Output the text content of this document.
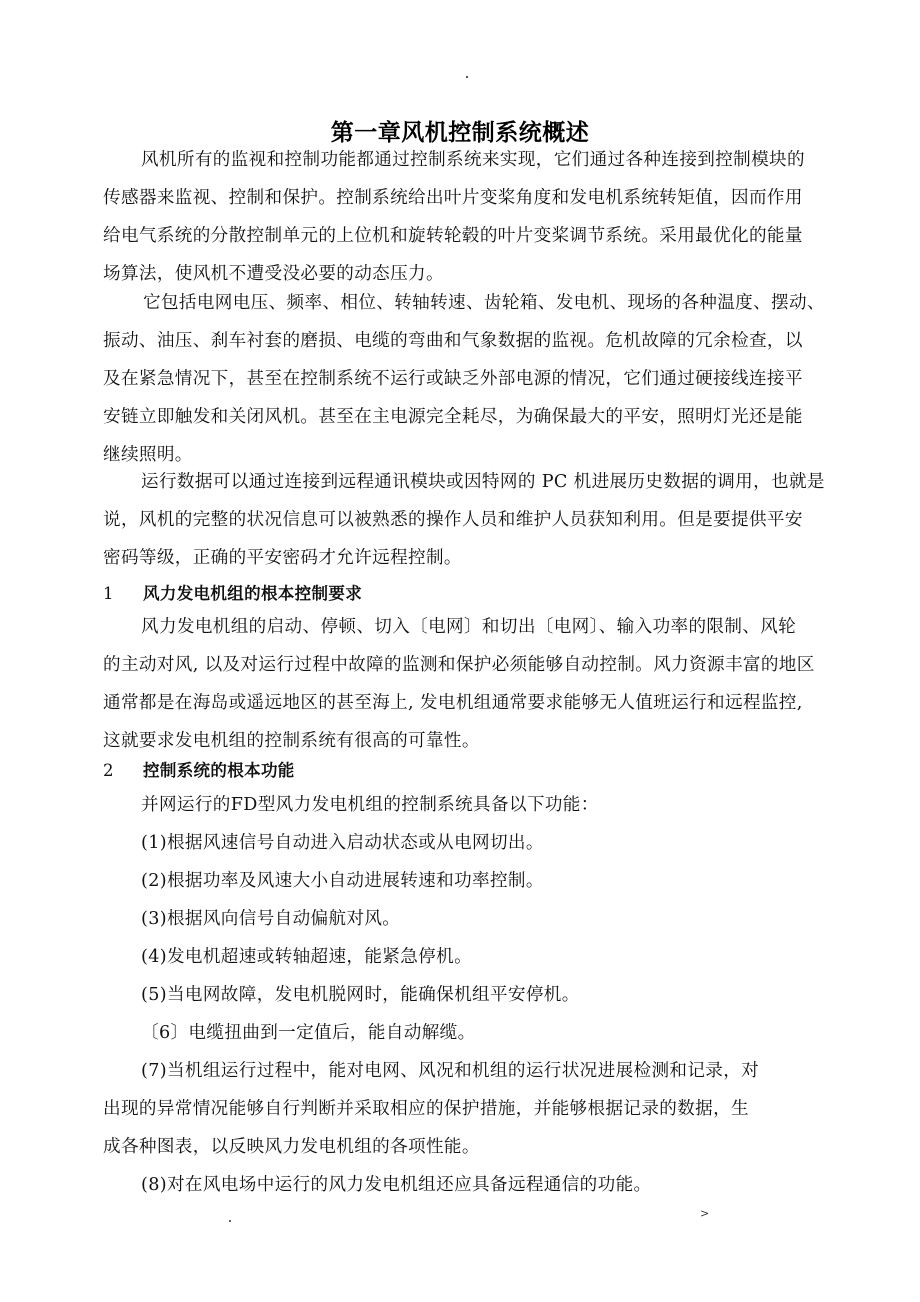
第一章风机控制系统概述
风机所有的监视和控制功能都通过控制系统来实现，它们通过各种连接到控制模块的
传感器来监视、控制和保护。控制系统给出叶片变桨角度和发电机系统转矩值，因而作用
给电气系统的分散控制单元的上位机和旋转轮毂的叶片变桨调节系统。采用最优化的能量
场算法，使风机不遭受没必要的动态压力。
它包括电网电压、频率、相位、转轴转速、齿轮箱、发电机、现场的各种温度、摆动、
振动、油压、刹车衬套的磨损、电缆的弯曲和气象数据的监视。危机故障的冗余检查，以
及在紧急情况下，甚至在控制系统不运行或缺乏外部电源的情况，它们通过硬接线连接平
安链立即触发和关闭风机。甚至在主电源完全耗尽，为确保最大的平安，照明灯光还是能
继续照明。
运行数据可以通过连接到远程通讯模块或因特网的 PC 机进展历史数据的调用，也就是
说，风机的完整的状况信息可以被熟悉的操作人员和维护人员获知利用。但是要提供平安
密码等级，正确的平安密码才允许远程控制。
1 风力发电机组的根本控制要求
风力发电机组的启动、停顿、切入〔电网〕和切出〔电网〕、输入功率的限制、风轮
的主动对风, 以及对运行过程中故障的监测和保护必须能够自动控制。风力资源丰富的地区
通常都是在海岛或遥远地区的甚至海上, 发电机组通常要求能够无人值班运行和远程监控,
这就要求发电机组的控制系统有很高的可靠性。
2 控制系统的根本功能
并网运行的FD型风力发电机组的控制系统具备以下功能：
(1)根据风速信号自动进入启动状态或从电网切出。
(2)根据功率及风速大小自动进展转速和功率控制。
(3)根据风向信号自动偏航对风。
(4)发电机超速或转轴超速，能紧急停机。
(5)当电网故障，发电机脱网时，能确保机组平安停机。
〔6〕电缆扭曲到一定值后，能自动解缆。
(7)当机组运行过程中，能对电网、风况和机组的运行状况进展检测和记录，对
出现的异常情况能够自行判断并采取相应的保护措施，并能够根据记录的数据，生
成各种图表，以反映风力发电机组的各项性能。
(8)对在风电场中运行的风力发电机组还应具备远程通信的功能。
>
